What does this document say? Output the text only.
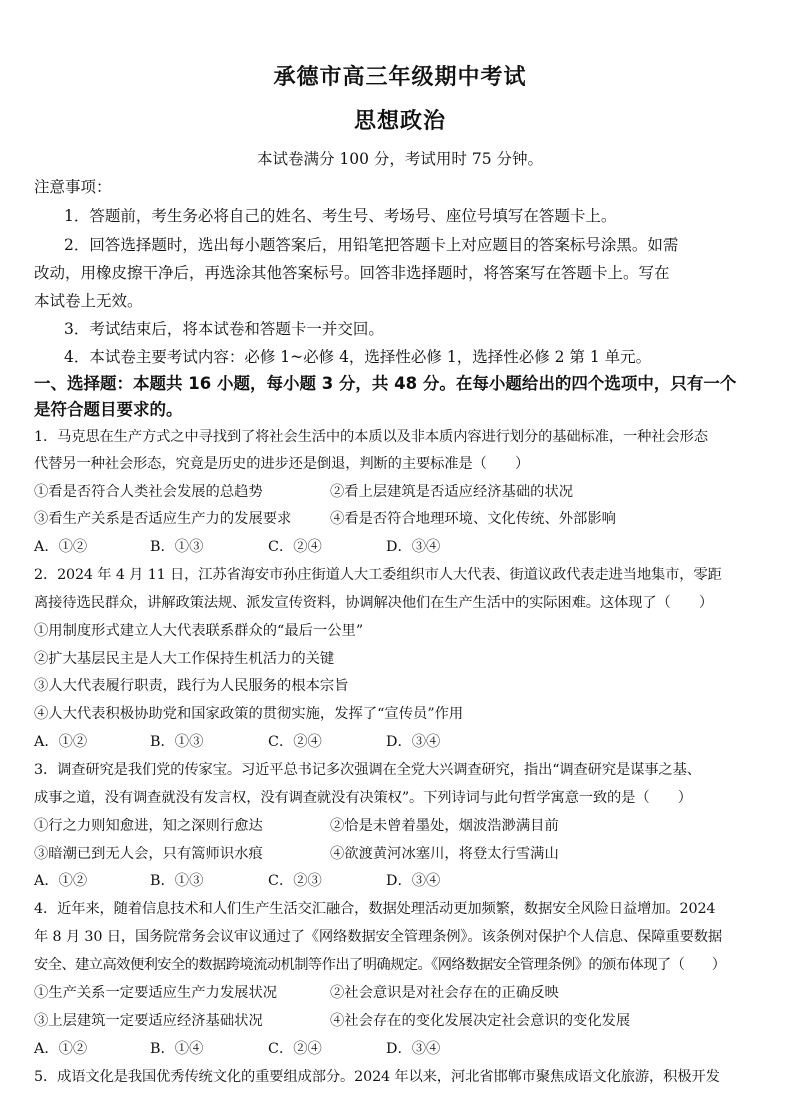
承德市高三年级期中考试
思想政治
本试卷满分 100 分，考试用时 75 分钟。
注意事项：
1．答题前，考生务必将自己的姓名、考生号、考场号、座位号填写在答题卡上。
2．回答选择题时，选出每小题答案后，用铅笔把答题卡上对应题目的答案标号涂黑。如需
改动，用橡皮擦干净后，再选涂其他答案标号。回答非选择题时，将答案写在答题卡上。写在
本试卷上无效。
3．考试结束后，将本试卷和答题卡一并交回。
4．本试卷主要考试内容：必修 1~必修 4，选择性必修 1，选择性必修 2 第 1 单元。
一、选择题：本题共 16 小题，每小题 3 分，共 48 分。在每小题给出的四个选项中，只有一个
是符合题目要求的。
1．马克思在生产方式之中寻找到了将社会生活中的本质以及非本质内容进行划分的基础标准，一种社会形态
代替另一种社会形态，究竟是历史的进步还是倒退，判断的主要标准是（　　）
①看是否符合人类社会发展的总趋势	②看上层建筑是否适应经济基础的状况
③看生产关系是否适应生产力的发展要求	④看是否符合地理环境、文化传统、外部影响
A．①②	B．①③	C．②④	D．③④
2．2024 年 4 月 11 日，江苏省海安市孙庄街道人大工委组织市人大代表、街道议政代表走进当地集市，零距
离接待选民群众，讲解政策法规、派发宣传资料，协调解决他们在生产生活中的实际困难。这体现了（　　）
①用制度形式建立人大代表联系群众的“最后一公里”
②扩大基层民主是人大工作保持生机活力的关键
③人大代表履行职责，践行为人民服务的根本宗旨
④人大代表积极协助党和国家政策的贯彻实施，发挥了“宣传员”作用
A．①②	B．①③	C．②④	D．③④
3．调查研究是我们党的传家宝。习近平总书记多次强调在全党大兴调查研究，指出“调查研究是谋事之基、
成事之道，没有调查就没有发言权，没有调查就没有决策权”。下列诗词与此句哲学寓意一致的是（　　）
①行之力则知愈进，知之深则行愈达	②恰是未曾着墨处，烟波浩渺满目前
③暗潮已到无人会，只有篙师识水痕	④欲渡黄河冰塞川，将登太行雪满山
A．①②	B．①③	C．②③	D．③④
4．近年来，随着信息技术和人们生产生活交汇融合，数据处理活动更加频繁，数据安全风险日益增加。2024
年 8 月 30 日，国务院常务会议审议通过了《网络数据安全管理条例》。该条例对保护个人信息、保障重要数据
安全、建立高效便利安全的数据跨境流动机制等作出了明确规定。《网络数据安全管理条例》的颁布体现了（　　）
①生产关系一定要适应生产力发展状况	②社会意识是对社会存在的正确反映
③上层建筑一定要适应经济基础状况	④社会存在的变化发展决定社会意识的变化发展
A．①②	B．①④	C．②④	D．③④
5．成语文化是我国优秀传统文化的重要组成部分。2024 年以来，河北省邯郸市聚焦成语文化旅游，积极开发
